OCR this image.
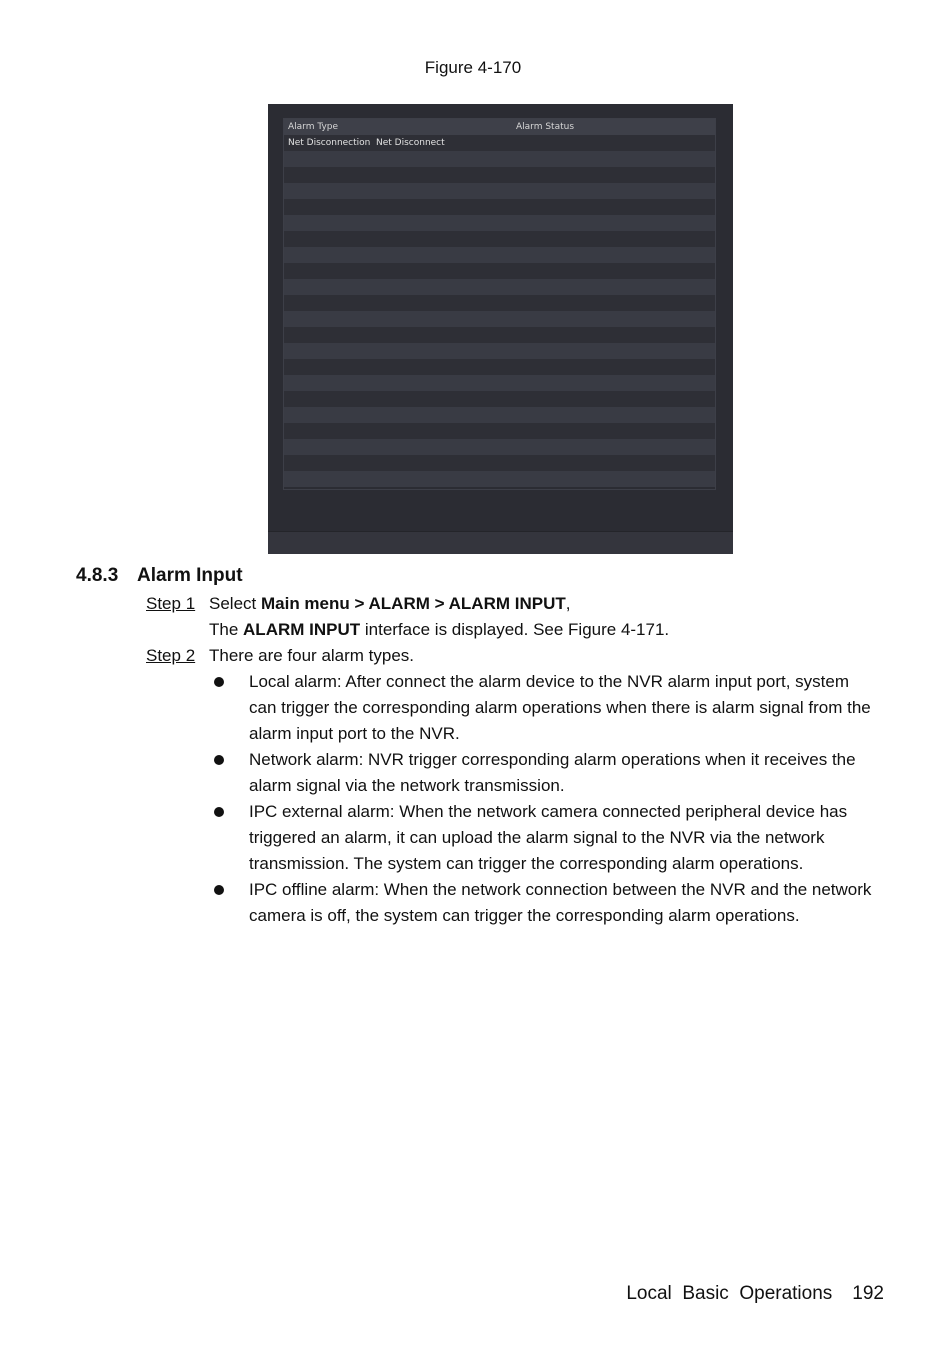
Figure 4-170
Alarm Type	Alarm Status
Net Disconnection Net Disconnect
4.8.3 Alarm Input
Step 1 Select Main menu > ALARM > ALARM INPUT,
The ALARM INPUT interface is displayed. See Figure 4-171.
Step 2 There are four alarm types.
Local alarm: After connect the alarm device to the NVR alarm input port, system
can trigger the corresponding alarm operations when there is alarm signal from the
alarm input port to the NVR.
Network alarm: NVR trigger corresponding alarm operations when it receives the
alarm signal via the network transmission.
IPC external alarm: When the network camera connected peripheral device has
triggered an alarm, it can upload the alarm signal to the NVR via the network
transmission. The system can trigger the corresponding alarm operations.
IPC offline alarm: When the network connection between the NVR and the network
camera is off, the system can trigger the corresponding alarm operations.
Local  Basic  Operations 192
